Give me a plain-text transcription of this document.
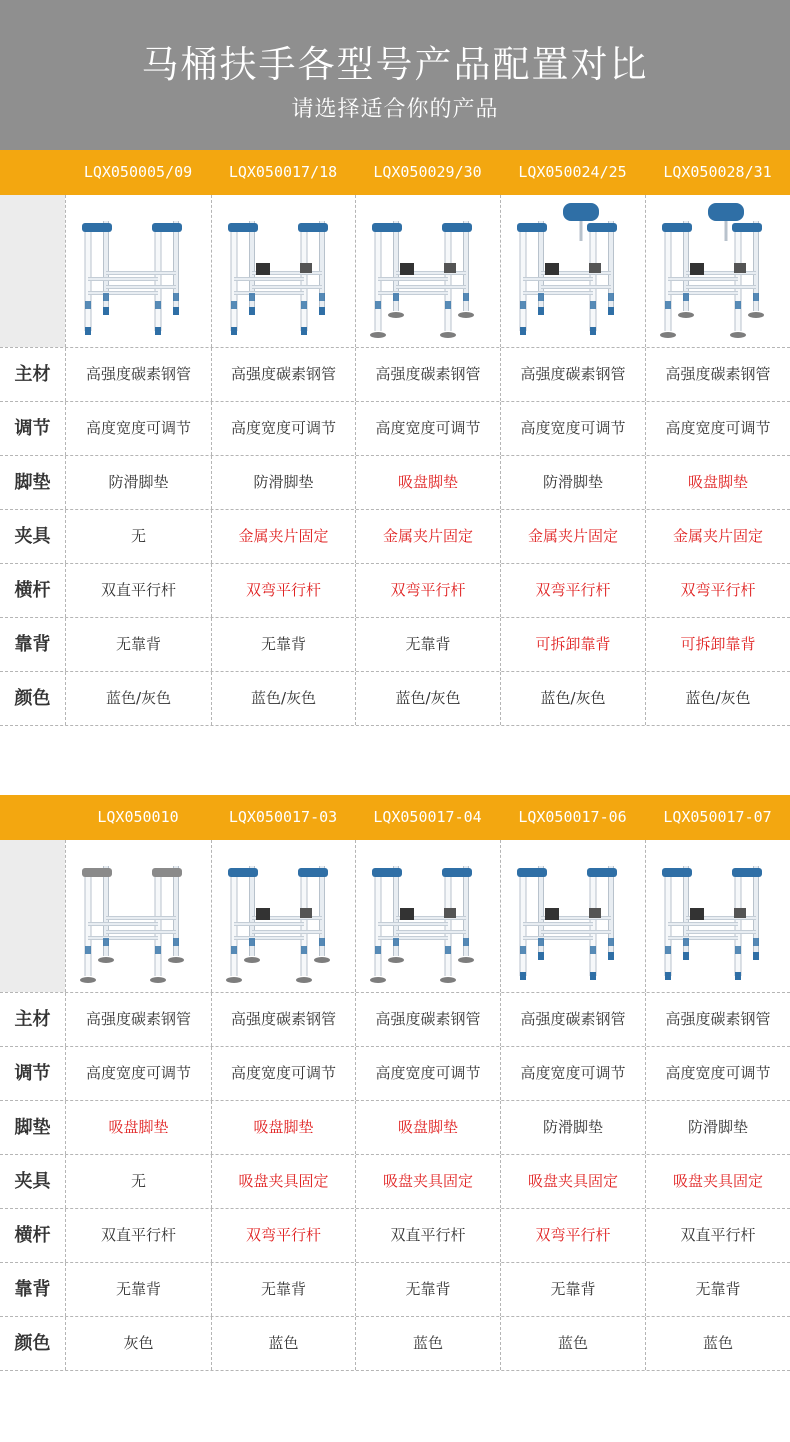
马桶扶手各型号产品配置对比
请选择适合你的产品
LQX050005/09	LQX050017/18	LQX050029/30	LQX050024/25	LQX050028/31
主材	高强度碳素钢管	高强度碳素钢管	高强度碳素钢管	高强度碳素钢管	高强度碳素钢管
调节	高度宽度可调节	高度宽度可调节	高度宽度可调节	高度宽度可调节	高度宽度可调节
脚垫	防滑脚垫	防滑脚垫	吸盘脚垫	防滑脚垫	吸盘脚垫
夹具	无	金属夹片固定	金属夹片固定	金属夹片固定	金属夹片固定
横杆	双直平行杆	双弯平行杆	双弯平行杆	双弯平行杆	双弯平行杆
靠背	无靠背	无靠背	无靠背	可拆卸靠背	可拆卸靠背
颜色	蓝色/灰色	蓝色/灰色	蓝色/灰色	蓝色/灰色	蓝色/灰色
LQX050010	LQX050017-03	LQX050017-04	LQX050017-06	LQX050017-07
主材	高强度碳素钢管	高强度碳素钢管	高强度碳素钢管	高强度碳素钢管	高强度碳素钢管
调节	高度宽度可调节	高度宽度可调节	高度宽度可调节	高度宽度可调节	高度宽度可调节
脚垫	吸盘脚垫	吸盘脚垫	吸盘脚垫	防滑脚垫	防滑脚垫
夹具	无	吸盘夹具固定	吸盘夹具固定	吸盘夹具固定	吸盘夹具固定
横杆	双直平行杆	双弯平行杆	双直平行杆	双弯平行杆	双直平行杆
靠背	无靠背	无靠背	无靠背	无靠背	无靠背
颜色	灰色	蓝色	蓝色	蓝色	蓝色
